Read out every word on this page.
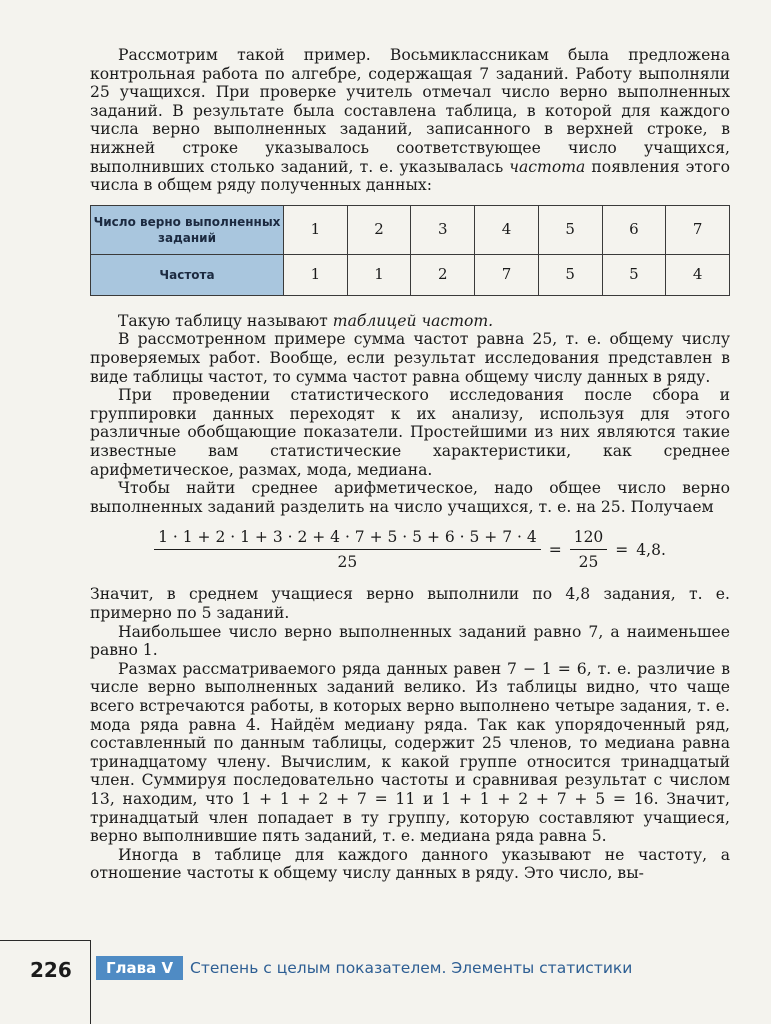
Рассмотрим такой пример. Восьмиклассникам была предложена контрольная работа по алгебре, содержащая 7 заданий. Работу выполняли 25 учащихся. При проверке учитель отмечал число верно выполненных заданий. В результате была составлена таблица, в которой для каждого числа верно выполненных заданий, записанного в верхней строке, в нижней строке указывалось соответствующее число учащихся, выполнивших столько заданий, т. е. указывалась частота появления этого числа в общем ряду полученных данных:

Число верно выполненных заданий	1	2	3	4	5	6	7
Частота	1	1	2	7	5	5	4

Такую таблицу называют таблицей частот.

В рассмотренном примере сумма частот равна 25, т. е. общему числу проверяемых работ. Вообще, если результат исследования представлен в виде таблицы частот, то сумма частот равна общему числу данных в ряду.

При проведении статистического исследования после сбора и группировки данных переходят к их анализу, используя для этого различные обобщающие показатели. Простейшими из них являются такие известные вам статистические характеристики, как среднее арифметическое, размах, мода, медиана.

Чтобы найти среднее арифметическое, надо общее число верно выполненных заданий разделить на число учащихся, т. е. на 25. Получаем

$\frac{1 \cdot 1 + 2 \cdot 1 + 3 \cdot 2 + 4 \cdot 7 + 5 \cdot 5 + 6 \cdot 5 + 7 \cdot 4}{25} = \frac{120}{25} = 4,8$.

Значит, в среднем учащиеся верно выполнили по 4,8 задания, т. е. примерно по 5 заданий.

Наибольшее число верно выполненных заданий равно 7, а наименьшее равно 1.

Размах рассматриваемого ряда данных равен 7 − 1 = 6, т. е. различие в числе верно выполненных заданий велико. Из таблицы видно, что чаще всего встречаются работы, в которых верно выполнено четыре задания, т. е. мода ряда равна 4. Найдём медиану ряда. Так как упорядоченный ряд, составленный по данным таблицы, содержит 25 членов, то медиана равна тринадцатому члену. Вычислим, к какой группе относится тринадцатый член. Суммируя последовательно частоты и сравнивая результат с числом 13, находим, что 1 + 1 + 2 + 7 = 11 и 1 + 1 + 2 + 7 + 5 = 16. Значит, тринадцатый член попадает в ту группу, которую составляют учащиеся, верно выполнившие пять заданий, т. е. медиана ряда равна 5.

Иногда в таблице для каждого данного указывают не частоту, а отношение частоты к общему числу данных в ряду. Это число, вы-

226	Глава V	Степень с целым показателем. Элементы статистики
